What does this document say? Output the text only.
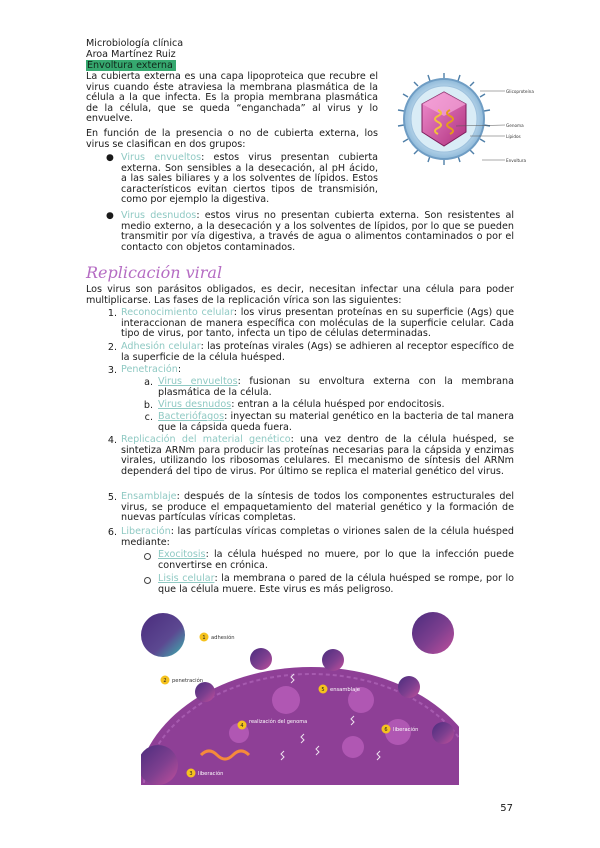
Microbiología clínica
Aroa Martínez Ruiz
Envoltura externa

La cubierta externa es una capa lipoproteica que recubre el virus cuando éste atraviesa la membrana plasmática de la célula a la que infecta. Es la propia membrana plasmática de la célula, que se queda “enganchada” al virus y lo envuelve.

En función de la presencia o no de cubierta externa, los virus se clasifican en dos grupos:

● Virus envueltos: estos virus presentan cubierta externa. Son sensibles a la desecación, al pH ácido, a las sales biliares y a los solventes de lípidos. Estos característicos evitan ciertos tipos de transmisión, como por ejemplo la digestiva.

● Virus desnudos: estos virus no presentan cubierta externa. Son resistentes al medio externo, a la desecación y a los solventes de lípidos, por lo que se pueden transmitir por vía digestiva, a través de agua o alimentos contaminados o por el contacto con objetos contaminados.

Glicoproteína
Genoma
Lípidos
Envoltura
Replicación viral

Los virus son parásitos obligados, es decir, necesitan infectar una célula para poder multiplicarse. Las fases de la replicación vírica son las siguientes:

1. Reconocimiento celular: los virus presentan proteínas en su superficie (Ags) que interaccionan de manera específica con moléculas de la superficie celular. Cada tipo de virus, por tanto, infecta un tipo de células determinadas.

2. Adhesión celular: las proteínas virales (Ags) se adhieren al receptor específico de la superficie de la célula huésped.

3. Penetración:

a. Virus envueltos: fusionan su envoltura externa con la membrana plasmática de la célula.

b. Virus desnudos: entran a la célula huésped por endocitosis.

c. Bacteriófagos: inyectan su material genético en la bacteria de tal manera que la cápsida queda fuera.

4. Replicación del material genético: una vez dentro de la célula huésped, se sintetiza ARNm para producir las proteínas necesarias para la cápsida y enzimas virales, utilizando los ribosomas celulares. El mecanismo de síntesis del ARNm dependerá del tipo de virus. Por último se replica el material genético del virus.

5. Ensamblaje: después de la síntesis de todos los componentes estructurales del virus, se produce el empaquetamiento del material genético y la formación de nuevas partículas víricas completas.

6. Liberación: las partículas víricas completas o viriones salen de la célula huésped mediante:

Exocitosis: la célula huésped no muere, por lo que la infección puede convertirse en crónica.

Lisis celular: la membrana o pared de la célula huésped se rompe, por lo que la célula muere. Este virus es más peligroso.

1 adhesión
2 penetración
3 liberación
4
realización del genoma
5 ensamblaje
6 liberación
57
